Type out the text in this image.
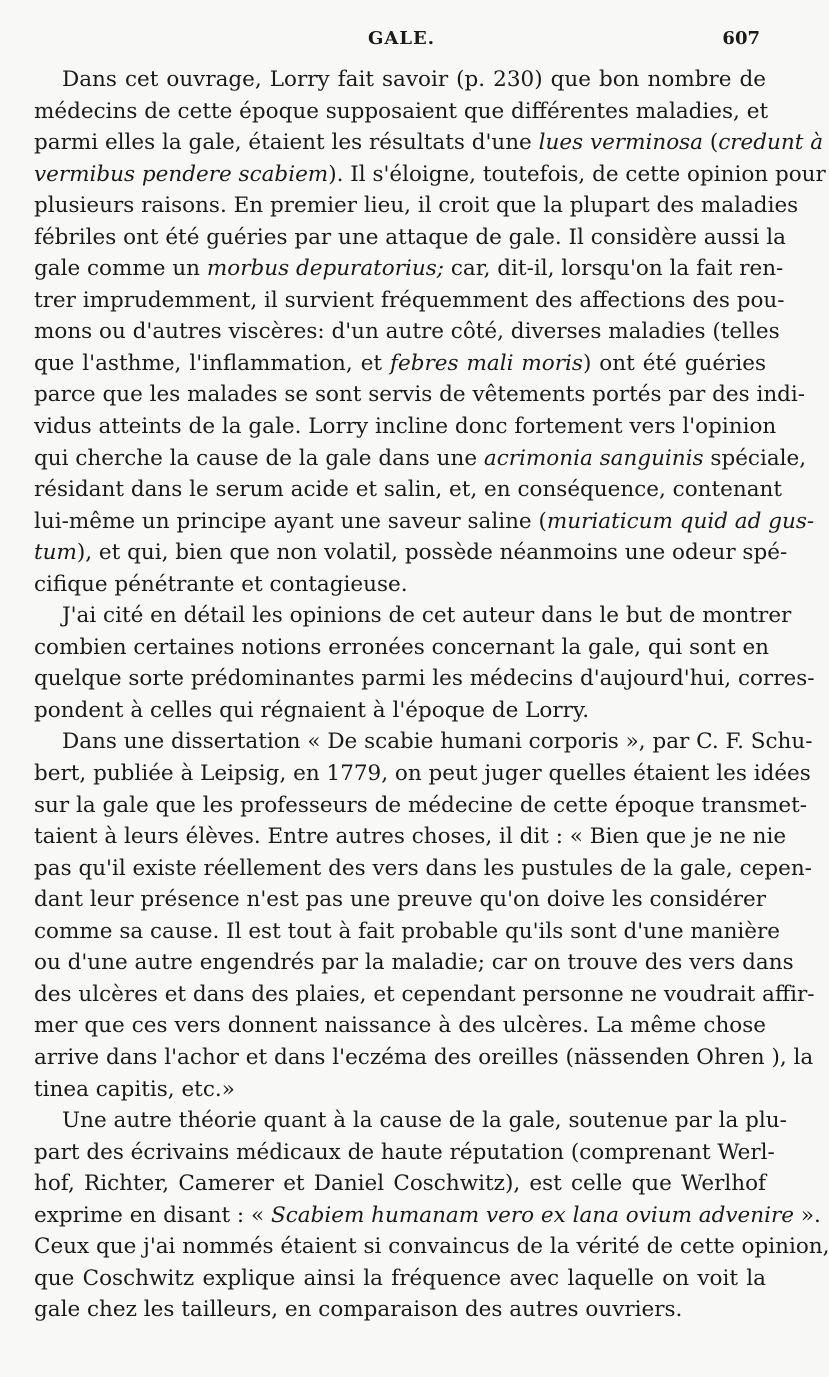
GALE.	607
Dans cet ouvrage, Lorry fait savoir (p. 230) que bon nombre de
médecins de cette époque supposaient que différentes maladies, et
parmi elles la gale, étaient les résultats d'une lues verminosa (credunt à
vermibus pendere scabiem). Il s'éloigne, toutefois, de cette opinion pour
plusieurs raisons. En premier lieu, il croit que la plupart des maladies
fébriles ont été guéries par une attaque de gale. Il considère aussi la
gale comme un morbus depuratorius; car, dit-il, lorsqu'on la fait ren-
trer imprudemment, il survient fréquemment des affections des pou-
mons ou d'autres viscères: d'un autre côté, diverses maladies (telles
que l'asthme, l'inflammation, et febres mali moris) ont été guéries
parce que les malades se sont servis de vêtements portés par des indi-
vidus atteints de la gale. Lorry incline donc fortement vers l'opinion
qui cherche la cause de la gale dans une acrimonia sanguinis spéciale,
résidant dans le serum acide et salin, et, en conséquence, contenant
lui-même un principe ayant une saveur saline (muriaticum quid ad gus-
tum), et qui, bien que non volatil, possède néanmoins une odeur spé-
cifique pénétrante et contagieuse.
J'ai cité en détail les opinions de cet auteur dans le but de montrer
combien certaines notions erronées concernant la gale, qui sont en
quelque sorte prédominantes parmi les médecins d'aujourd'hui, corres-
pondent à celles qui régnaient à l'époque de Lorry.
Dans une dissertation « De scabie humani corporis », par C. F. Schu-
bert, publiée à Leipsig, en 1779, on peut juger quelles étaient les idées
sur la gale que les professeurs de médecine de cette époque transmet-
taient à leurs élèves. Entre autres choses, il dit : « Bien que je ne nie
pas qu'il existe réellement des vers dans les pustules de la gale, cepen-
dant leur présence n'est pas une preuve qu'on doive les considérer
comme sa cause. Il est tout à fait probable qu'ils sont d'une manière
ou d'une autre engendrés par la maladie; car on trouve des vers dans
des ulcères et dans des plaies, et cependant personne ne voudrait affir-
mer que ces vers donnent naissance à des ulcères. La même chose
arrive dans l'achor et dans l'eczéma des oreilles (nässenden Ohren ), la
tinea capitis, etc.»
Une autre théorie quant à la cause de la gale, soutenue par la plu-
part des écrivains médicaux de haute réputation (comprenant Werl-
hof, Richter, Camerer et Daniel Coschwitz), est celle que Werlhof
exprime en disant : « Scabiem humanam vero ex lana ovium advenire ».
Ceux que j'ai nommés étaient si convaincus de la vérité de cette opinion,
que Coschwitz explique ainsi la fréquence avec laquelle on voit la
gale chez les tailleurs, en comparaison des autres ouvriers.
